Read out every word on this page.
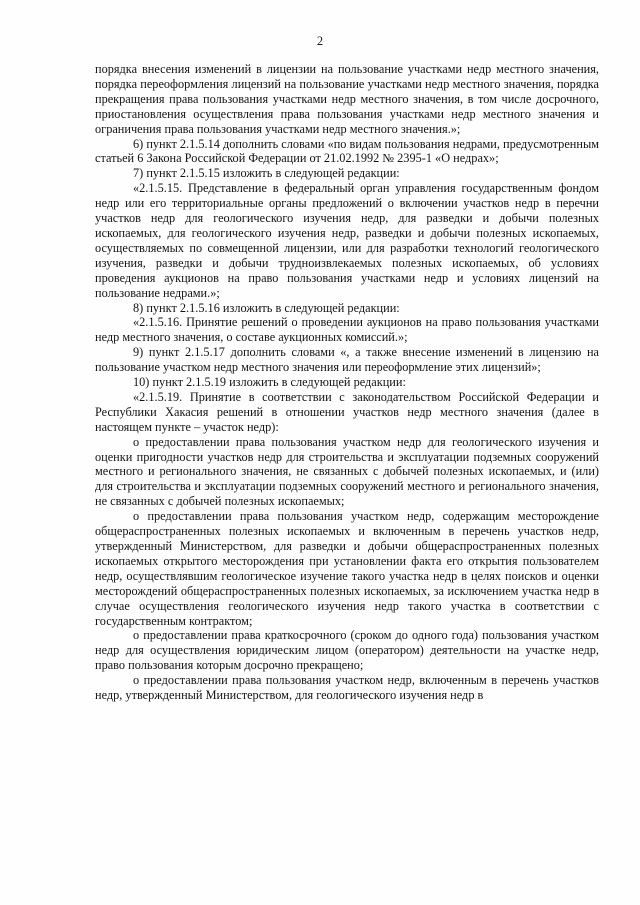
2

порядка внесения изменений в лицензии на пользование участками недр местного значения, порядка переоформления лицензий на пользование участками недр местного значения, порядка прекращения права пользования участками недр местного значения, в том числе досрочного, приостановления осуществления права пользования участками недр местного значения и ограничения права пользования участками недр местного значения.»;

6) пункт 2.1.5.14 дополнить словами «по видам пользования недрами, предусмотренным статьей 6 Закона Российской Федерации от 21.02.1992 № 2395-1 «О недрах»;

7) пункт 2.1.5.15 изложить в следующей редакции:

«2.1.5.15. Представление в федеральный орган управления государственным фондом недр или его территориальные органы предложений о включении участков недр в перечни участков недр для геологического изучения недр, для разведки и добычи полезных ископаемых, для геологического изучения недр, разведки и добычи полезных ископаемых, осуществляемых по совмещенной лицензии, или для разработки технологий геологического изучения, разведки и добычи трудноизвлекаемых полезных ископаемых, об условиях проведения аукционов на право пользования участками недр и условиях лицензий на пользование недрами.»;

8) пункт 2.1.5.16 изложить в следующей редакции:

«2.1.5.16. Принятие решений о проведении аукционов на право пользования участками недр местного значения, о составе аукционных комиссий.»;

9) пункт 2.1.5.17 дополнить словами «, а также внесение изменений в лицензию на пользование участком недр местного значения или переоформление этих лицензий»;

10) пункт 2.1.5.19 изложить в следующей редакции:

«2.1.5.19. Принятие в соответствии с законодательством Российской Федерации и Республики Хакасия решений в отношении участков недр местного значения (далее в настоящем пункте – участок недр):

о предоставлении права пользования участком недр для геологического изучения и оценки пригодности участков недр для строительства и эксплуатации подземных сооружений местного и регионального значения, не связанных с добычей полезных ископаемых, и (или) для строительства и эксплуатации подземных сооружений местного и регионального значения, не связанных с добычей полезных ископаемых;

о предоставлении права пользования участком недр, содержащим месторождение общераспространенных полезных ископаемых и включенным в перечень участков недр, утвержденный Министерством, для разведки и добычи общераспространенных полезных ископаемых открытого месторождения при установлении факта его открытия пользователем недр, осуществлявшим геологическое изучение такого участка недр в целях поисков и оценки месторождений общераспространенных полезных ископаемых, за исключением участка недр в случае осуществления геологического изучения недр такого участка в соответствии с государственным контрактом;

о предоставлении права краткосрочного (сроком до одного года) пользования участком недр для осуществления юридическим лицом (оператором) деятельности на участке недр, право пользования которым досрочно прекращено;

о предоставлении права пользования участком недр, включенным в перечень участков недр, утвержденный Министерством, для геологического изучения недр в
